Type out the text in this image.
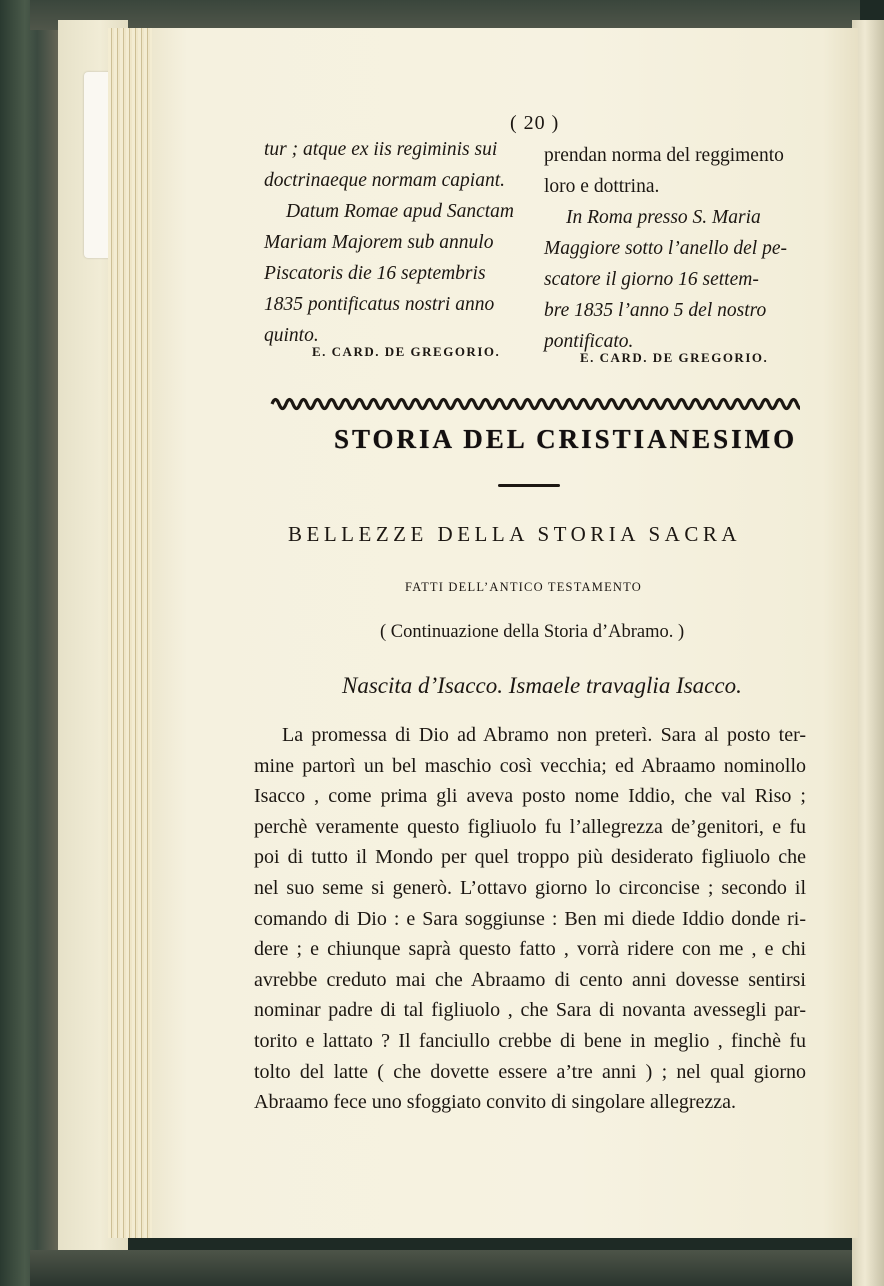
( 20 )
tur ; atque ex iis regiminis sui
doctrinaeque normam capiant.
Datum Romae apud Sanctam
Mariam Majorem sub annulo
Piscatoris die 16 septembris
1835 pontificatus nostri anno
quinto.
prendan norma del reggimento
loro e dottrina.
In Roma presso S. Maria
Maggiore sotto l’anello del pe-
scatore il giorno 16 settem-
bre 1835 l’anno 5 del nostro
pontificato.
E. CARD. DE GREGORIO.	E. CARD. DE GREGORIO.
STORIA DEL CRISTIANESIMO
BELLEZZE DELLA STORIA SACRA
FATTI DELL’ANTICO TESTAMENTO
( Continuazione della Storia d’Abramo. )
Nascita d’Isacco. Ismaele travaglia Isacco.
La promessa di Dio ad Abramo non preterì. Sara al posto ter-
mine partorì un bel maschio così vecchia; ed Abraamo nominollo
Isacco , come prima gli aveva posto nome Iddio, che val Riso ;
perchè veramente questo figliuolo fu l’allegrezza de’genitori, e fu
poi di tutto il Mondo per quel troppo più desiderato figliuolo che
nel suo seme si generò. L’ottavo giorno lo circoncise ; secondo il
comando di Dio : e Sara soggiunse : Ben mi diede Iddio donde ri-
dere ; e chiunque saprà questo fatto , vorrà ridere con me , e chi
avrebbe creduto mai che Abraamo di cento anni dovesse sentirsi
nominar padre di tal figliuolo , che Sara di novanta avessegli par-
torito e lattato ? Il fanciullo crebbe di bene in meglio , finchè fu
tolto del latte ( che dovette essere a’tre anni ) ; nel qual giorno
Abraamo fece uno sfoggiato convito di singolare allegrezza.
